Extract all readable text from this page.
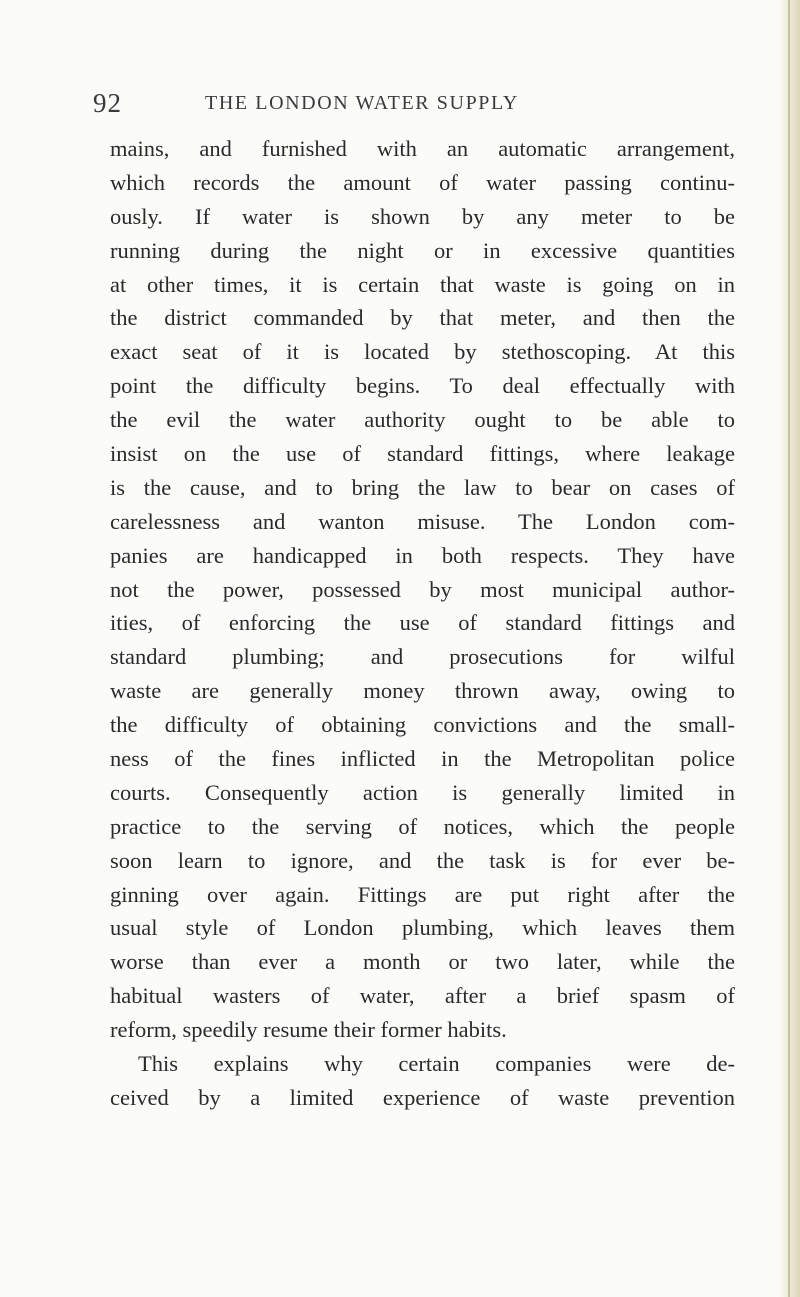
92	THE LONDON WATER SUPPLY
mains, and furnished with an automatic arrangement,
which records the amount of water passing continu-
ously. If water is shown by any meter to be
running during the night or in excessive quantities
at other times, it is certain that waste is going on in
the district commanded by that meter, and then the
exact seat of it is located by stethoscoping. At this
point the difficulty begins. To deal effectually with
the evil the water authority ought to be able to
insist on the use of standard fittings, where leakage
is the cause, and to bring the law to bear on cases of
carelessness and wanton misuse. The London com-
panies are handicapped in both respects. They have
not the power, possessed by most municipal author-
ities, of enforcing the use of standard fittings and
standard plumbing; and prosecutions for wilful
waste are generally money thrown away, owing to
the difficulty of obtaining convictions and the small-
ness of the fines inflicted in the Metropolitan police
courts. Consequently action is generally limited in
practice to the serving of notices, which the people
soon learn to ignore, and the task is for ever be-
ginning over again. Fittings are put right after the
usual style of London plumbing, which leaves them
worse than ever a month or two later, while the
habitual wasters of water, after a brief spasm of
reform, speedily resume their former habits.
This explains why certain companies were de-
ceived by a limited experience of waste prevention
